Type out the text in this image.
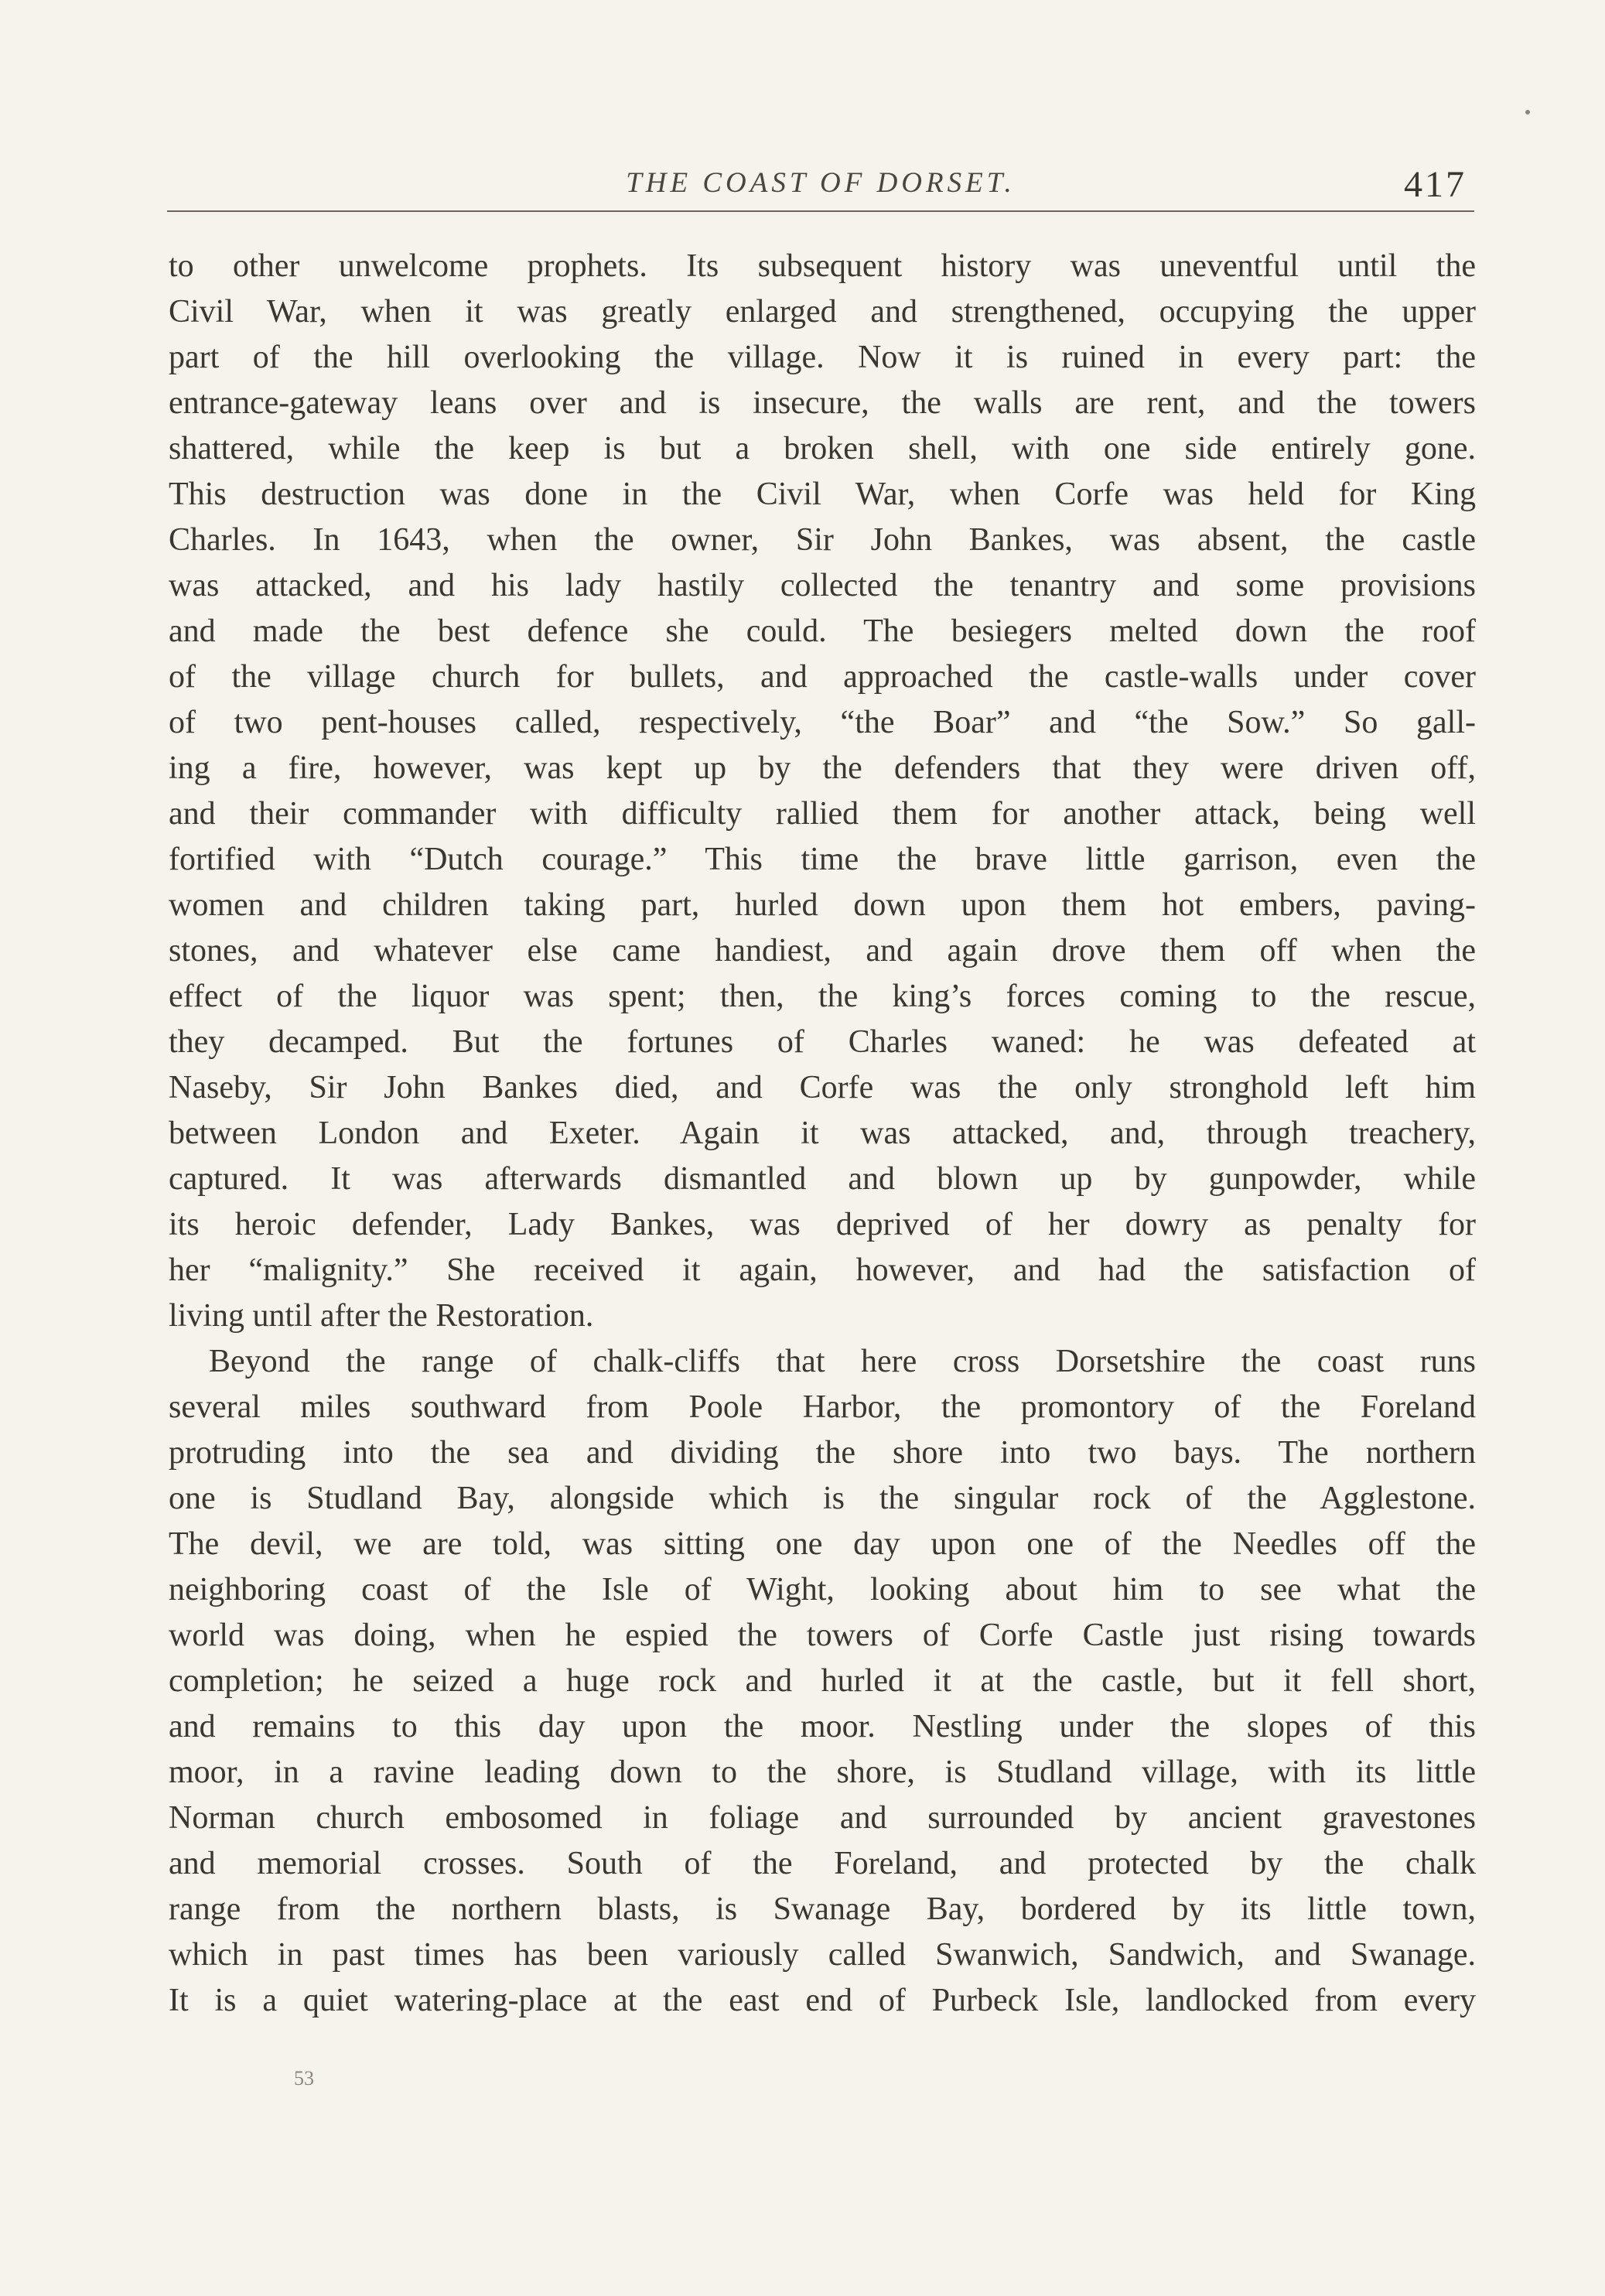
THE COAST OF DORSET.	417
to other unwelcome prophets. Its subsequent history was uneventful until the
Civil War, when it was greatly enlarged and strengthened, occupying the upper
part of the hill overlooking the village. Now it is ruined in every part: the
entrance-gateway leans over and is insecure, the walls are rent, and the towers
shattered, while the keep is but a broken shell, with one side entirely gone.
This destruction was done in the Civil War, when Corfe was held for King
Charles. In 1643, when the owner, Sir John Bankes, was absent, the castle
was attacked, and his lady hastily collected the tenantry and some provisions
and made the best defence she could. The besiegers melted down the roof
of the village church for bullets, and approached the castle-walls under cover
of two pent-houses called, respectively, “the Boar” and “the Sow.” So gall-
ing a fire, however, was kept up by the defenders that they were driven off,
and their commander with difficulty rallied them for another attack, being well
fortified with “Dutch courage.” This time the brave little garrison, even the
women and children taking part, hurled down upon them hot embers, paving-
stones, and whatever else came handiest, and again drove them off when the
effect of the liquor was spent; then, the king’s forces coming to the rescue,
they decamped. But the fortunes of Charles waned: he was defeated at
Naseby, Sir John Bankes died, and Corfe was the only stronghold left him
between London and Exeter. Again it was attacked, and, through treachery,
captured. It was afterwards dismantled and blown up by gunpowder, while
its heroic defender, Lady Bankes, was deprived of her dowry as penalty for
her “malignity.” She received it again, however, and had the satisfaction of
living until after the Restoration.
Beyond the range of chalk-cliffs that here cross Dorsetshire the coast runs
several miles southward from Poole Harbor, the promontory of the Foreland
protruding into the sea and dividing the shore into two bays. The northern
one is Studland Bay, alongside which is the singular rock of the Agglestone.
The devil, we are told, was sitting one day upon one of the Needles off the
neighboring coast of the Isle of Wight, looking about him to see what the
world was doing, when he espied the towers of Corfe Castle just rising towards
completion; he seized a huge rock and hurled it at the castle, but it fell short,
and remains to this day upon the moor. Nestling under the slopes of this
moor, in a ravine leading down to the shore, is Studland village, with its little
Norman church embosomed in foliage and surrounded by ancient gravestones
and memorial crosses. South of the Foreland, and protected by the chalk
range from the northern blasts, is Swanage Bay, bordered by its little town,
which in past times has been variously called Swanwich, Sandwich, and Swanage.
It is a quiet watering-place at the east end of Purbeck Isle, landlocked from every
53
